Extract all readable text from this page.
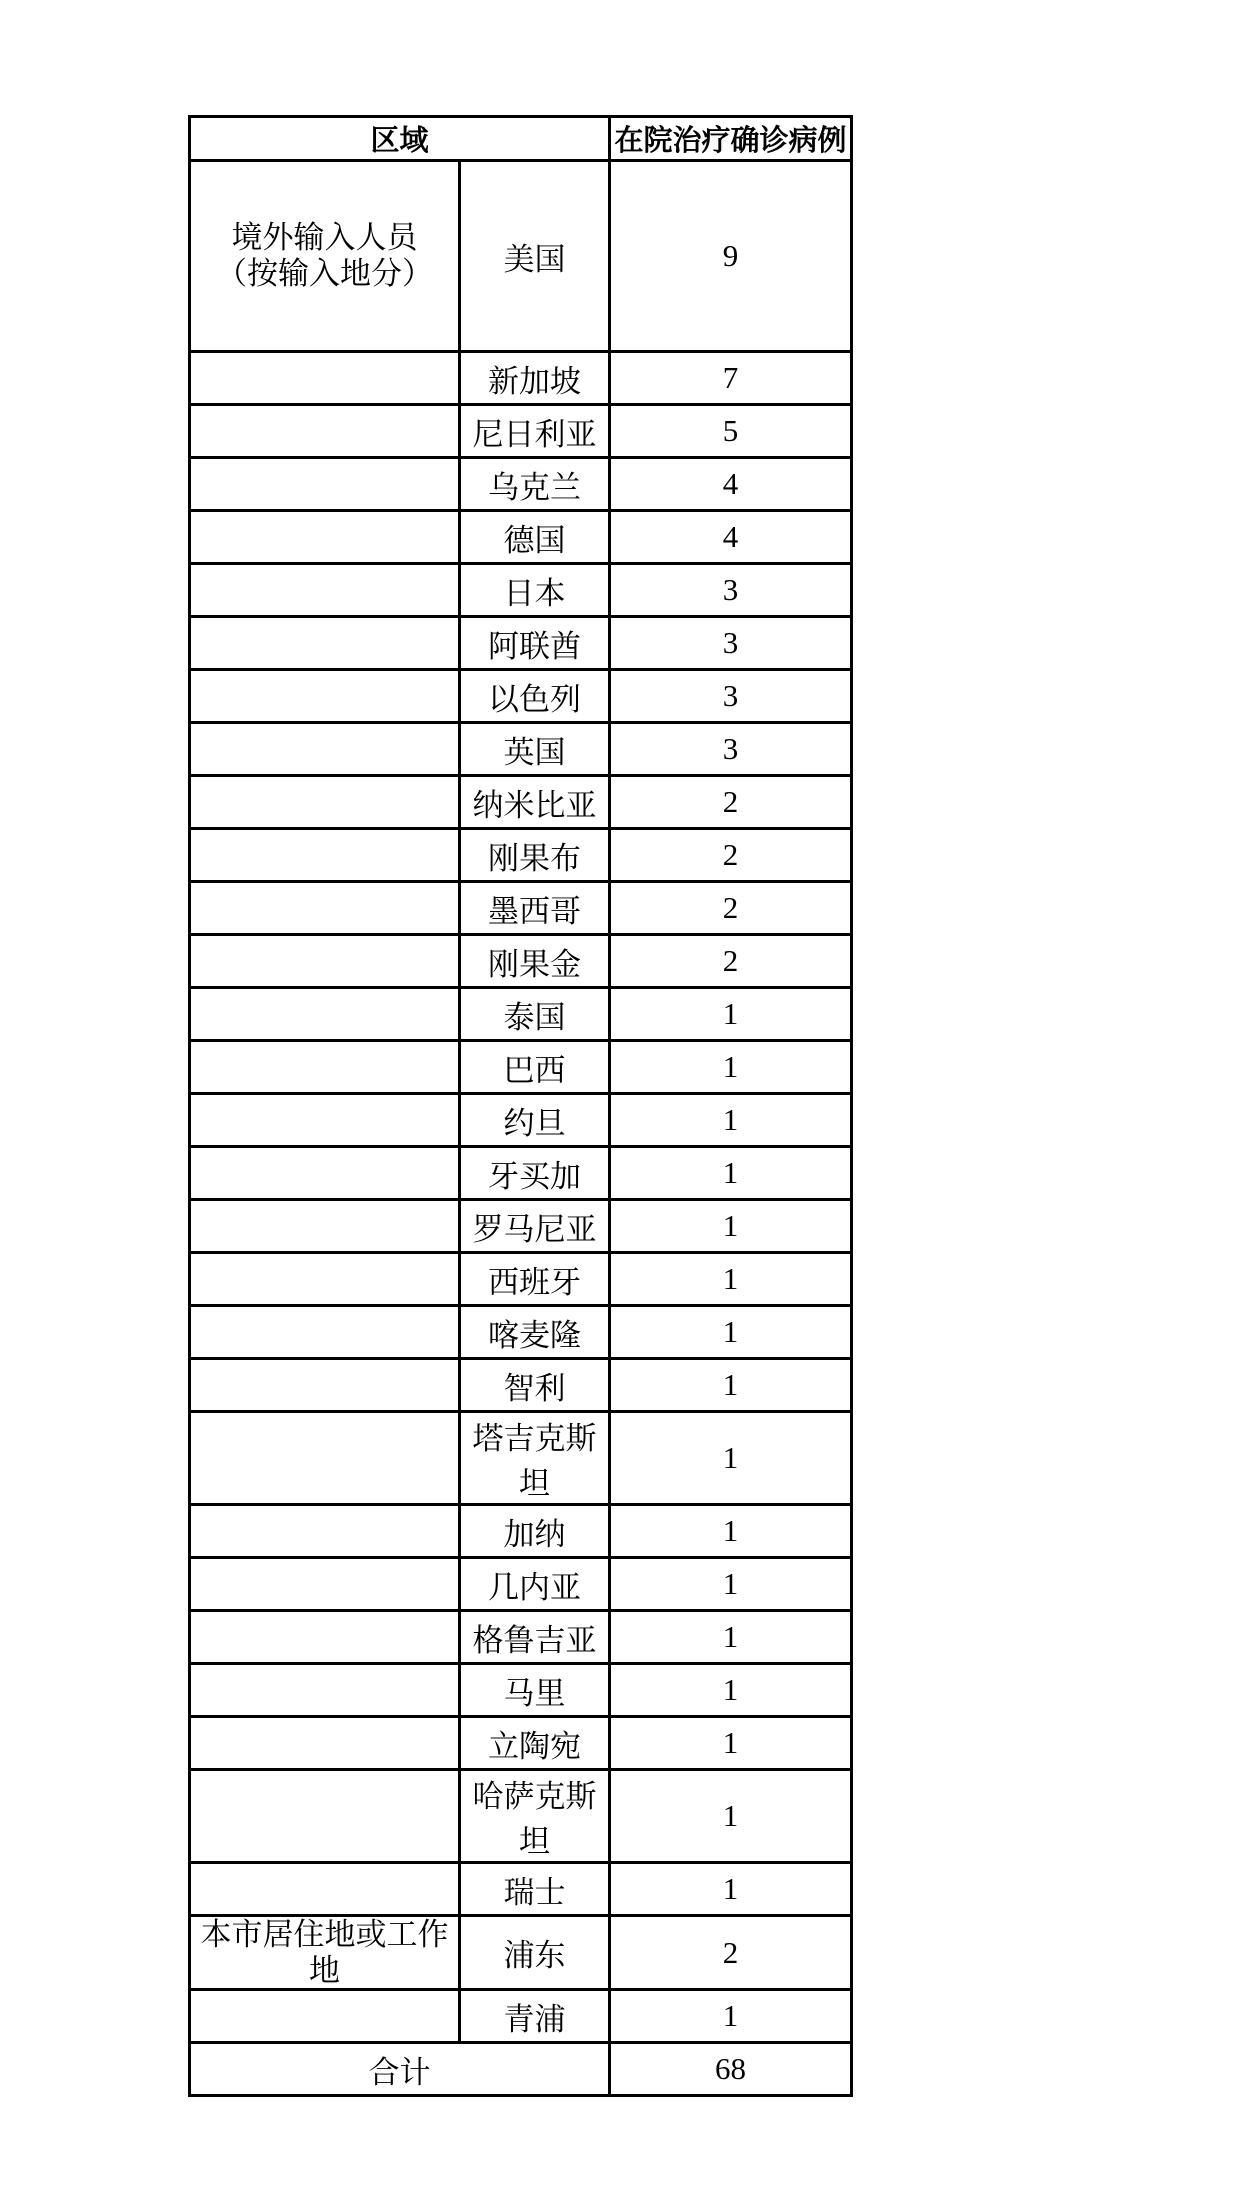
区域		在院治疗确诊病例

境外输入人员
（按输入地分）	美国	9
	新加坡	7
	尼日利亚	5
	乌克兰	4
	德国	4
	日本	3
	阿联酋	3
	以色列	3
	英国	3
	纳米比亚	2
	刚果布	2
	墨西哥	2
	刚果金	2
	泰国	1
	巴西	1
	约旦	1
	牙买加	1
	罗马尼亚	1
	西班牙	1
	喀麦隆	1
	智利	1
	塔吉克斯坦	1
	加纳	1
	几内亚	1
	格鲁吉亚	1
	马里	1
	立陶宛	1
	哈萨克斯坦	1
	瑞士	1

本市居住地或工作地	浦东	2
	青浦	1
合计		68
